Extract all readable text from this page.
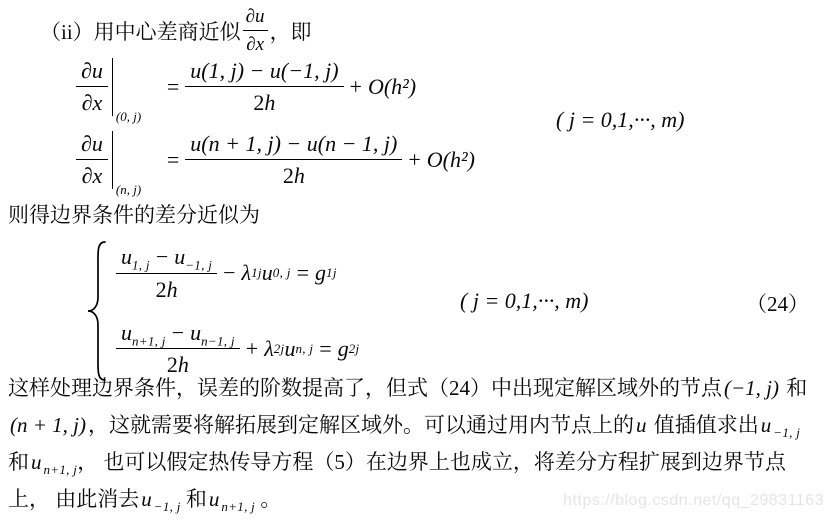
（ii）用中心差商近似 $\frac{\partial u}{\partial x}$ ，即
$\frac{\partial u}{\partial x}$
(0, j)
= $\frac{u(1, j) - u(-1, j)}{2h} + O(h^2)$
$\frac{\partial u}{\partial x}$
(n, j)
= $\frac{u(n + 1, j) - u(n - 1, j)}{2h} + O(h^2)$
( j = 0,1,···, m)
则得边界条件的差分近似为
$\frac{u_{1, j} - u_{-1, j}}{2h} - \lambda$ 1j u 0, j = g 1j
$\frac{u_{n+1, j} - u_{n-1, j}}{2h} + \lambda$ 2j u n, j = g 2j
( j = 0,1,···, m)	（24）
这样处理边界条件，误差的阶数提高了，但式（24）中出现定解区域外的节点(−1, j) 和
(n + 1, j)，这就需要将解拓展到定解区域外。可以通过用内节点上的u 值插值求出u $_{-1, j}$
和u $_{n+1, j}$， 也可以假定热传导方程（5）在边界上也成立，将差分方程扩展到边界节点
上， 由此消去u $_{-1, j}$ 和u $_{n+1, j}$ 。	https://blog.csdn.net/qq_29831163
